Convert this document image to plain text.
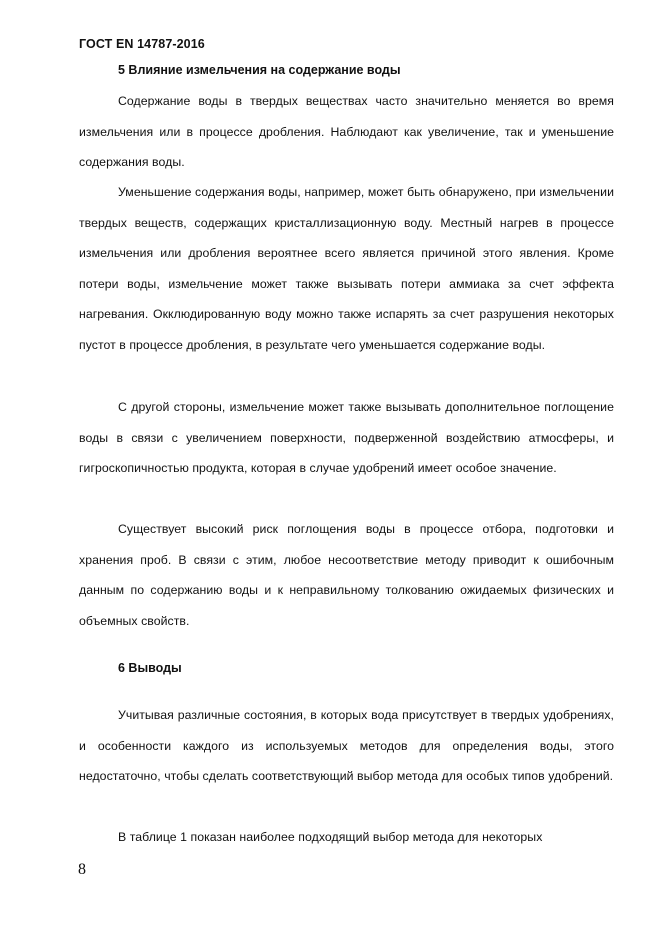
ГОСТ EN 14787-2016
5 Влияние измельчения на содержание воды

Содержание воды в твердых веществах часто значительно меняется во время измельчения или в процессе дробления. Наблюдают как увеличение, так и уменьшение содержания воды.

Уменьшение содержания воды, например, может быть обнаружено, при измельчении твердых веществ, содержащих кристаллизационную воду. Местный нагрев в процессе измельчения или дробления вероятнее всего является причиной этого явления. Кроме потери воды, измельчение может также вызывать потери аммиака за счет эффекта нагревания. Окклюдированную воду можно также испарять за счет разрушения некоторых пустот в процессе дробления, в результате чего уменьшается содержание воды.

С другой стороны, измельчение может также вызывать дополнительное поглощение воды в связи с увеличением поверхности, подверженной воздействию атмосферы, и гигроскопичностью продукта, которая в случае удобрений имеет особое значение.

Существует высокий риск поглощения воды в процессе отбора, подготовки и хранения проб. В связи с этим, любое несоответствие методу приводит к ошибочным данным по содержанию воды и к неправильному толкованию ожидаемых физических и объемных свойств.

6 Выводы

Учитывая различные состояния, в которых вода присутствует в твердых удобрениях, и особенности каждого из используемых методов для определения воды, этого недостаточно, чтобы сделать соответствующий выбор метода для особых типов удобрений.

В таблице 1 показан наиболее подходящий выбор метода для некоторых

8
